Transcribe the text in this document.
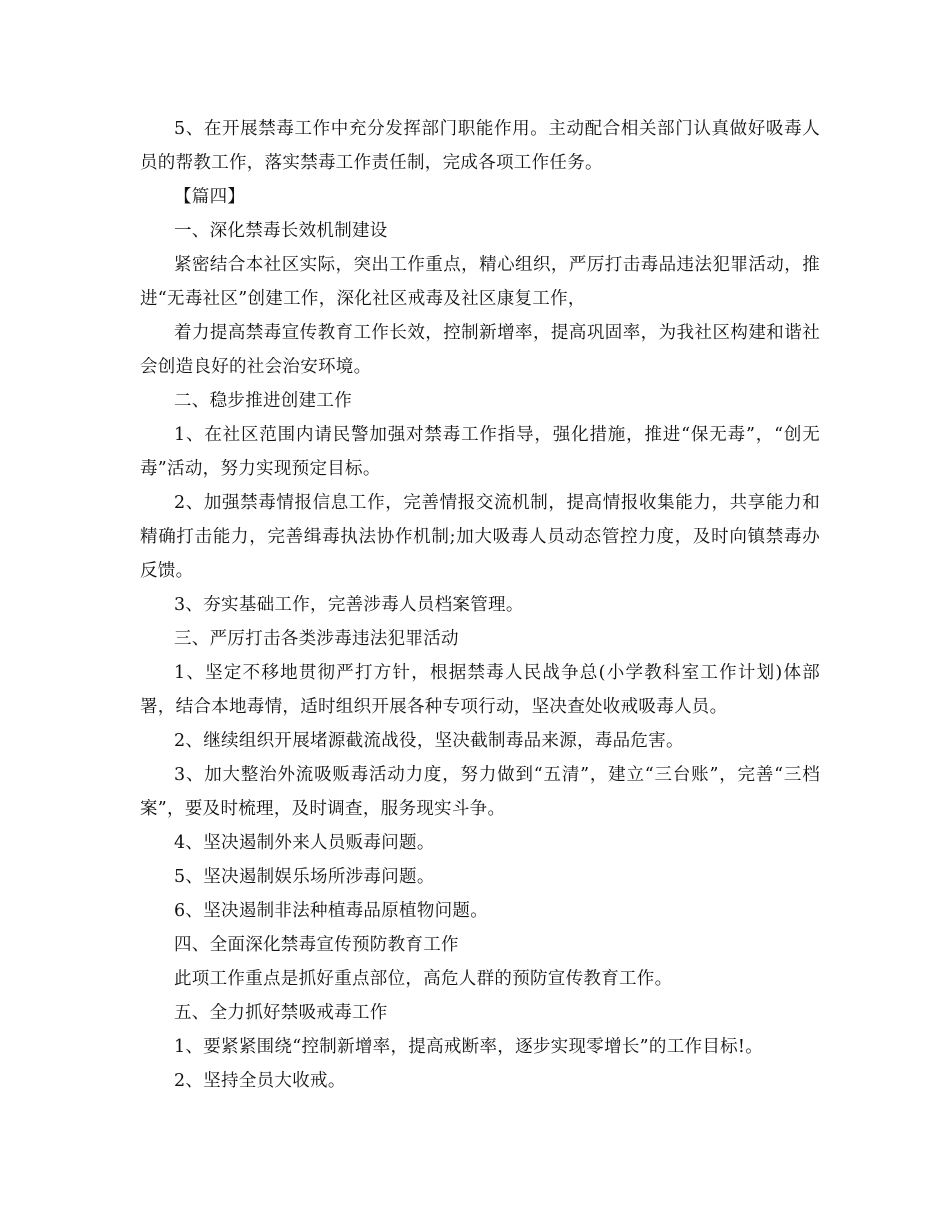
5、在开展禁毒工作中充分发挥部门职能作用。主动配合相关部门认真做好吸毒人员的帮教工作，落实禁毒工作责任制，完成各项工作任务。

【篇四】

一、深化禁毒长效机制建设

紧密结合本社区实际，突出工作重点，精心组织，严厉打击毒品违法犯罪活动，推进“无毒社区”创建工作，深化社区戒毒及社区康复工作，

着力提高禁毒宣传教育工作长效，控制新增率，提高巩固率，为我社区构建和谐社会创造良好的社会治安环境。

二、稳步推进创建工作

1、在社区范围内请民警加强对禁毒工作指导，强化措施，推进“保无毒”，“创无毒”活动，努力实现预定目标。

2、加强禁毒情报信息工作，完善情报交流机制，提高情报收集能力，共享能力和精确打击能力，完善缉毒执法协作机制;加大吸毒人员动态管控力度，及时向镇禁毒办反馈。

3、夯实基础工作，完善涉毒人员档案管理。

三、严厉打击各类涉毒违法犯罪活动

1、坚定不移地贯彻严打方针，根据禁毒人民战争总(小学教科室工作计划)体部署，结合本地毒情，适时组织开展各种专项行动，坚决查处收戒吸毒人员。

2、继续组织开展堵源截流战役，坚决截制毒品来源，毒品危害。

3、加大整治外流吸贩毒活动力度，努力做到“五清”，建立“三台账”，完善“三档案”，要及时梳理，及时调查，服务现实斗争。

4、坚决遏制外来人员贩毒问题。

5、坚决遏制娱乐场所涉毒问题。

6、坚决遏制非法种植毒品原植物问题。

四、全面深化禁毒宣传预防教育工作

此项工作重点是抓好重点部位，高危人群的预防宣传教育工作。

五、全力抓好禁吸戒毒工作

1、要紧紧围绕“控制新增率，提高戒断率，逐步实现零增长”的工作目标!。

2、坚持全员大收戒。
